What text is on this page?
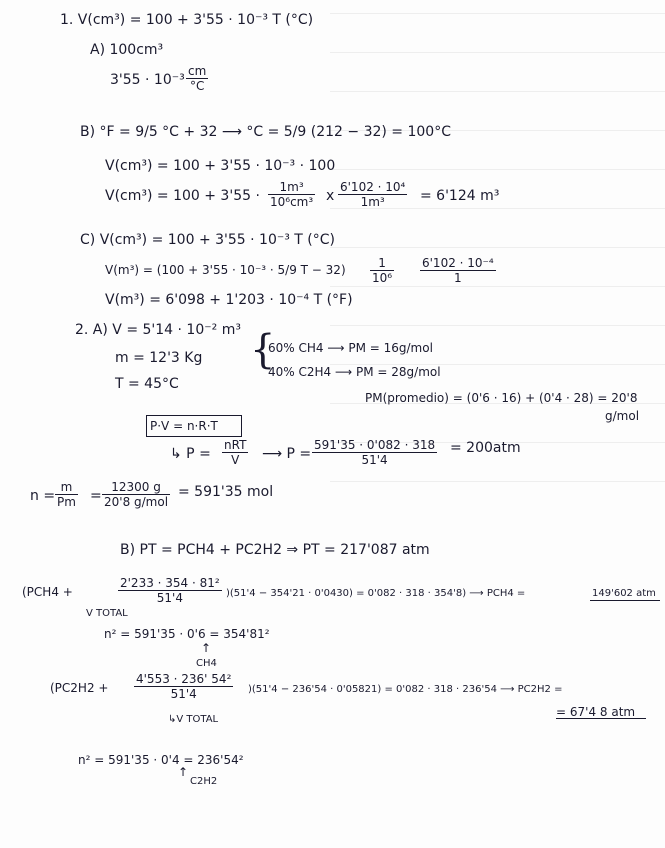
1. V(cm³) = 100 + 3'55 · 10⁻³ T (°C)
A) 100cm³
$3'55 \cdot 10^{-3} \frac{cm}{^\circ C}$
B) °F = 9/5 °C + 32 ⟶ °C = 5/9 (212 − 32) = 100°C
V(cm³) = 100 + 3'55 · 10⁻³ · 100
$V(cm^3) = 100 + 3'55 \cdot \frac{\text{1m³}}{\text{10⁶cm³}}$ x $\frac{\text{6'102 · 10⁴}}{\text{1m³}} = 6'124$ m³
C) V(cm³) = 100 + 3'55 · 10⁻³ T (°C)
V(m³) = (100 + 3'55 · 10⁻³ · 5/9 $T - 32) \frac{1}{\text{10⁶}} \frac{\text{6'102 · 10⁻⁴}}{1}$
V(m³) = 6'098 + 1'203 · 10⁻⁴ T (°F)
2. A) V = 5'14 · 10⁻² m³
m = 12'3 Kg
T = 45°C
{
60% CH4 ⟶ PM = 16g/mol
40% C2H4 ⟶ PM = 28g/mol
PM(promedio) = (0'6 · 16) + (0'4 · 28) = 20'8
g/mol
P·V = n·R·T
↳ P =
nRT
V	⟶ $P = \frac{591'35 \cdot 0'082 \cdot 318}{51'4} = 200atm$
$n = \frac{m}{Pm}$ =
12300 g
20'8 g/mol
= 591'35 mol
B) PT = PCH4 + PC2H2 ⇒ PT = 217'087 atm
(PCH4 +	$\frac{\text{2'233 · 354 · 81²}}{51'4} )(51'4 - 354'21 \cdot 0'0430) = 0'082 \cdot 318 \cdot 354'8$) ⟶ PCH4 =	149'602 atm
V TOTAL
n² = 591'35 · 0'6 = 354'81²
↑
CH4
$(PC2H2 + \frac{\text{4'553 · 236' 54²}}{51'4} )(51'4 - 236'54 \cdot 0'05821) = 0'082 \cdot 318 \cdot 236'54$ ⟶ PC2H2 =
= 67'4 8 atm
↳V TOTAL
n² = 591'35 · 0'4 = 236'54²
↑
C2H2
